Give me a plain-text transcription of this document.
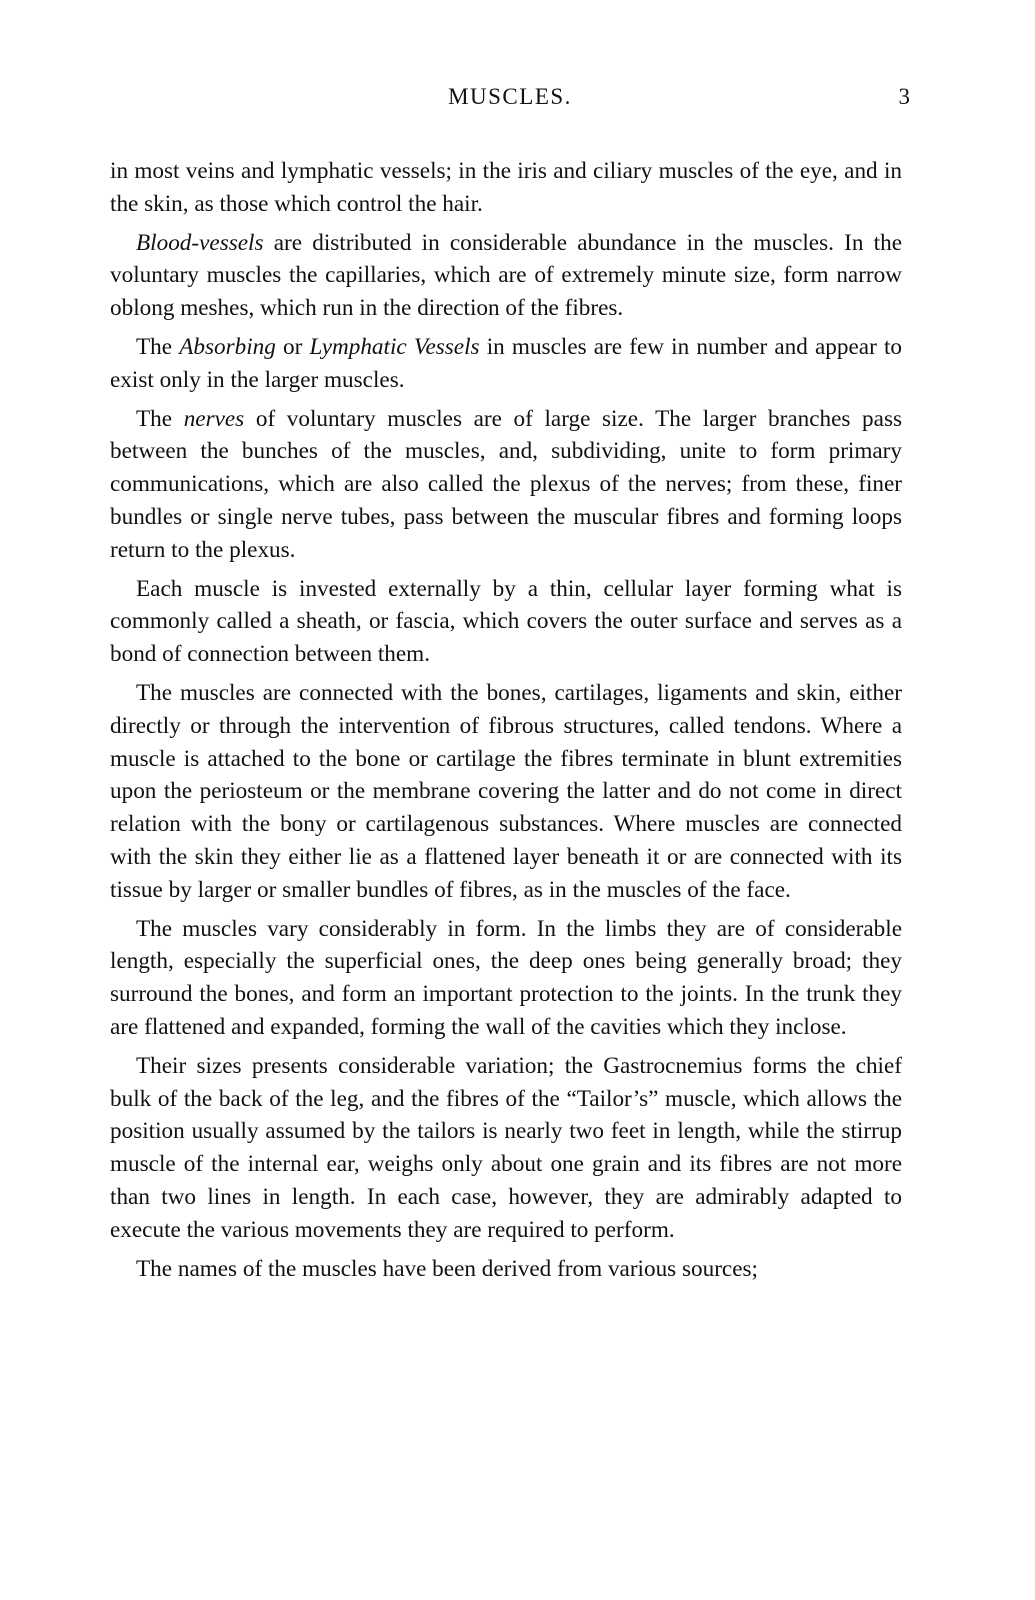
MUSCLES.	3

in most veins and lymphatic vessels; in the iris and ciliary muscles of the eye, and in the skin, as those which control the hair.

Blood-vessels are distributed in considerable abundance in the muscles. In the voluntary muscles the capillaries, which are of extremely minute size, form narrow oblong meshes, which run in the direction of the fibres.

The Absorbing or Lymphatic Vessels in muscles are few in number and appear to exist only in the larger muscles.

The nerves of voluntary muscles are of large size. The larger branches pass between the bunches of the muscles, and, subdividing, unite to form primary communications, which are also called the plexus of the nerves; from these, finer bundles or single nerve tubes, pass between the muscular fibres and forming loops return to the plexus.

Each muscle is invested externally by a thin, cellular layer forming what is commonly called a sheath, or fascia, which covers the outer surface and serves as a bond of connection between them.

The muscles are connected with the bones, cartilages, ligaments and skin, either directly or through the intervention of fibrous structures, called tendons. Where a muscle is attached to the bone or cartilage the fibres terminate in blunt extremities upon the periosteum or the membrane covering the latter and do not come in direct relation with the bony or cartilagenous substances. Where muscles are connected with the skin they either lie as a flattened layer beneath it or are connected with its tissue by larger or smaller bundles of fibres, as in the muscles of the face.

The muscles vary considerably in form. In the limbs they are of considerable length, especially the superficial ones, the deep ones being generally broad; they surround the bones, and form an important protection to the joints. In the trunk they are flattened and expanded, forming the wall of the cavities which they inclose.

Their sizes presents considerable variation; the Gastrocnemius forms the chief bulk of the back of the leg, and the fibres of the “Tailor’s” muscle, which allows the position usually assumed by the tailors is nearly two feet in length, while the stirrup muscle of the internal ear, weighs only about one grain and its fibres are not more than two lines in length. In each case, however, they are admirably adapted to execute the various movements they are required to perform.

The names of the muscles have been derived from various sources;
